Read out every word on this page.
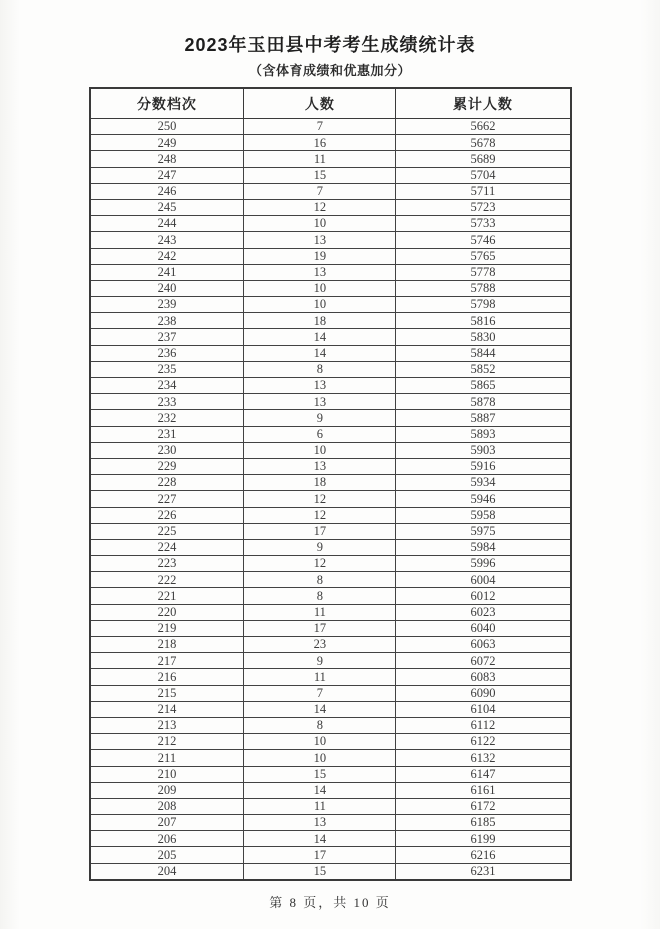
2023年玉田县中考考生成绩统计表
（含体育成绩和优惠加分）
分数档次	人数	累计人数
250	7	5662
249	16	5678
248	11	5689
247	15	5704
246	7	5711
245	12	5723
244	10	5733
243	13	5746
242	19	5765
241	13	5778
240	10	5788
239	10	5798
238	18	5816
237	14	5830
236	14	5844
235	8	5852
234	13	5865
233	13	5878
232	9	5887
231	6	5893
230	10	5903
229	13	5916
228	18	5934
227	12	5946
226	12	5958
225	17	5975
224	9	5984
223	12	5996
222	8	6004
221	8	6012
220	11	6023
219	17	6040
218	23	6063
217	9	6072
216	11	6083
215	7	6090
214	14	6104
213	8	6112
212	10	6122
211	10	6132
210	15	6147
209	14	6161
208	11	6172
207	13	6185
206	14	6199
205	17	6216
204	15	6231
第 8 页，共 10 页
